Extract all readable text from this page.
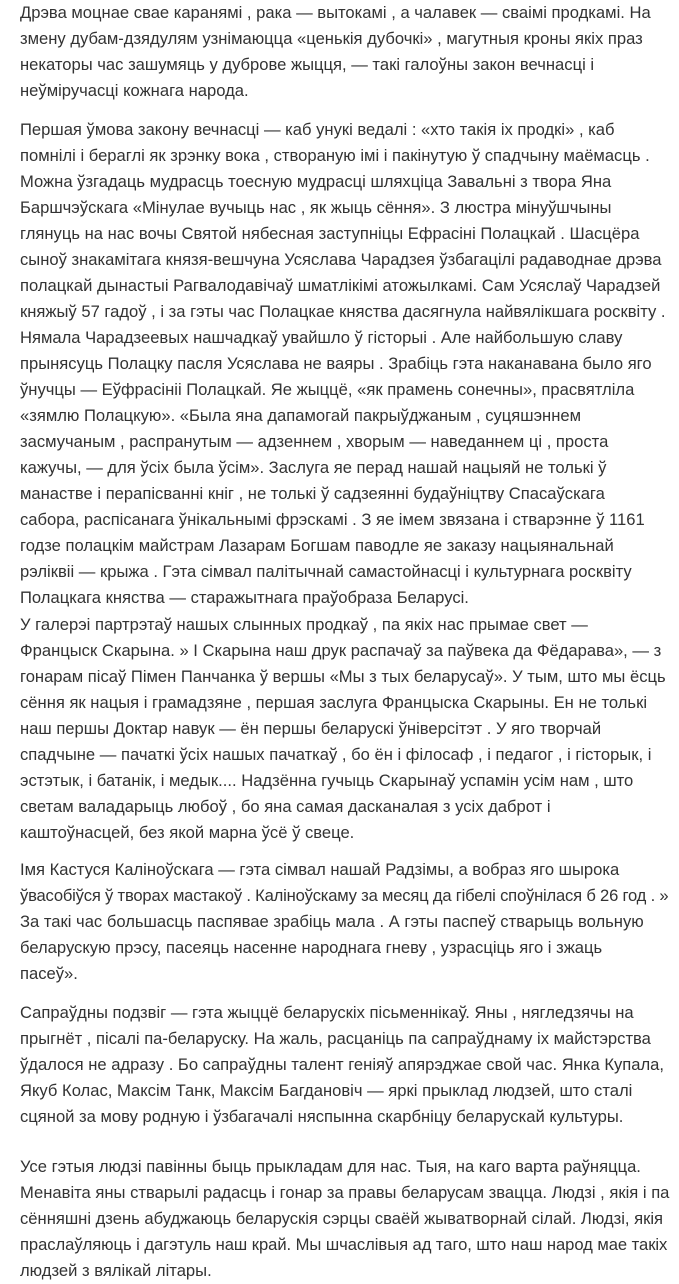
Дрэва моцнае свае каранямі , рака — вытокамі , а чалавек — сваімі продкамі. На
змену дубам-дзядулям узнімаюцца «ценькія дубочкі» , магутныя кроны якіх праз
некаторы час зашумяць у дуброве жыцця, — такі галоўны закон вечнасці і
неўміручасці кожнага народа.
Першая ўмова закону вечнасці — каб унукі ведалі : «хто такія іх продкі» , каб
помнілі і берaглі як зрэнку вока , створаную імі і пакінутую ў спадчыну маёмасць .
Можна ўзгадаць мудрасць тоесную мудрасці шляхціца Завальні з твора Яна
Баршчэўскага «Мінулае вучыць нас , як жыць сёння». З люстра мінуўшчыны
глянуць на нас вочы Святой нябесная заступніцы Ефрасіні Полацкай . Шасцёра
сыноў знакамітага князя-вешчуна Усяслава Чарадзея ўзбагацілі радаводнае дрэва
полацкай дынастыі Рагвалодавічаў шматлікімі атожылкамі. Сам Усяслаў Чарадзей
княжыў 57 гадоў , і за гэты час Полацкае княства дасягнула найвялікшага росквіту .
Нямала Чарадзеевых нашчадкаў увайшло ў гісторыі . Але найбольшую славу
прынясуць Полацку пасля Усяслава не ваяры . Зрабіць гэта наканавана было яго
ўнучцы — Еўфрасініі Полацкай. Яе жыццё, «як прамень сонечны», прасвятліла
«зямлю Полацкую». «Была яна дапамогай пакрыўджаным , суцяшэннем
засмучаным , распранутым — адзеннем , хворым — наведаннем ці , проста
кажучы, — для ўсіх была ўсім». Заслуга яе перад нашай нацыяй не толькі ў
манастве і перапісванні кніг , не толькі ў садзеянні будаўніцтву Спасаўскага
сабора, распісанага ўнікальнымі фрэскамі . З яе імем звязана і стварэнне ў 1161
годзе полацкім майстрам Лазарам Богшам паводле яе заказу нацыянальнай
рэліквіі — крыжа . Гэта сімвал палітычнай самастойнасці і культурнага росквіту
Полацкага княства — старажытнага праўобраза Беларусі.
У галерэі партрэтаў нашых слынных продкаў , па якіх нас прымае свет —
Францыск Скарына. » І Скарына наш друк распачаў за паўвека да Фёдарава», — з
гонарам пісаў Пімен Панчанка ў вершы «Мы з тых беларусаў». У тым, што мы ёсць
сёння як нацыя і грамадзяне , першая заслуга Францыска Скарыны. Ен не толькі
наш першы Доктар навук — ён першы беларускі ўніверсітэт . У яго творчай
спадчыне — пачаткі ўсіх нашых пачаткаў , бо ён і філосаф , і педагог , і гісторык, і
эстэтык, і батанік, і медык.... Надзённа гучыць Скарынаў успамін усім нам , што
светам валадарыць любоў , бо яна самая дасканалая з усіх даброт і
каштоўнасцей, без якой марна ўсё ў свеце.
Імя Кастуся Каліноўскага — гэта сімвал нашай Радзімы, а вобраз яго шырока
ўвасобіўся ў творах мастакоў . Каліноўскаму за месяц да гібелі споўнілася б 26 год . »
За такі час большасць паспявае зрабіць мала . А гэты паспеў стварыць вольную
беларускую прэсу, пасеяць насенне народнага гневу , узрасціць яго і зжаць
пасеў».
Сапраўдны подзвіг — гэта жыццё беларускіх пісьменнікаў. Яны , нягледзячы на
прыгнёт , пісалі па-беларуску. На жаль, расцаніць па сапраўднаму іх майстэрства
ўдалося не адразу . Бо сапраўдны талент геніяў апярэджае свой час. Янка Купала,
Якуб Колас, Максім Танк, Максім Багдановіч — яркі прыклад людзей, што сталі
сцяной за мову родную і ўзбагачалі няспынна скарбніцу беларускай культуры.
Усе гэтыя людзі павінны быць прыкладам для нас. Тыя, на каго варта раўняцца.
Менавіта яны стварылі радасць і гонар за правы беларусам звацца. Людзі , якія і па
сённяшні дзень абуджаюць беларускія сэрцы сваёй жыватворнай сілай. Людзі, якія
праслаўляюць і дагэтуль наш край. Мы шчаслівыя ад таго, што наш народ мае такіх
людзей з вялікай літары.
